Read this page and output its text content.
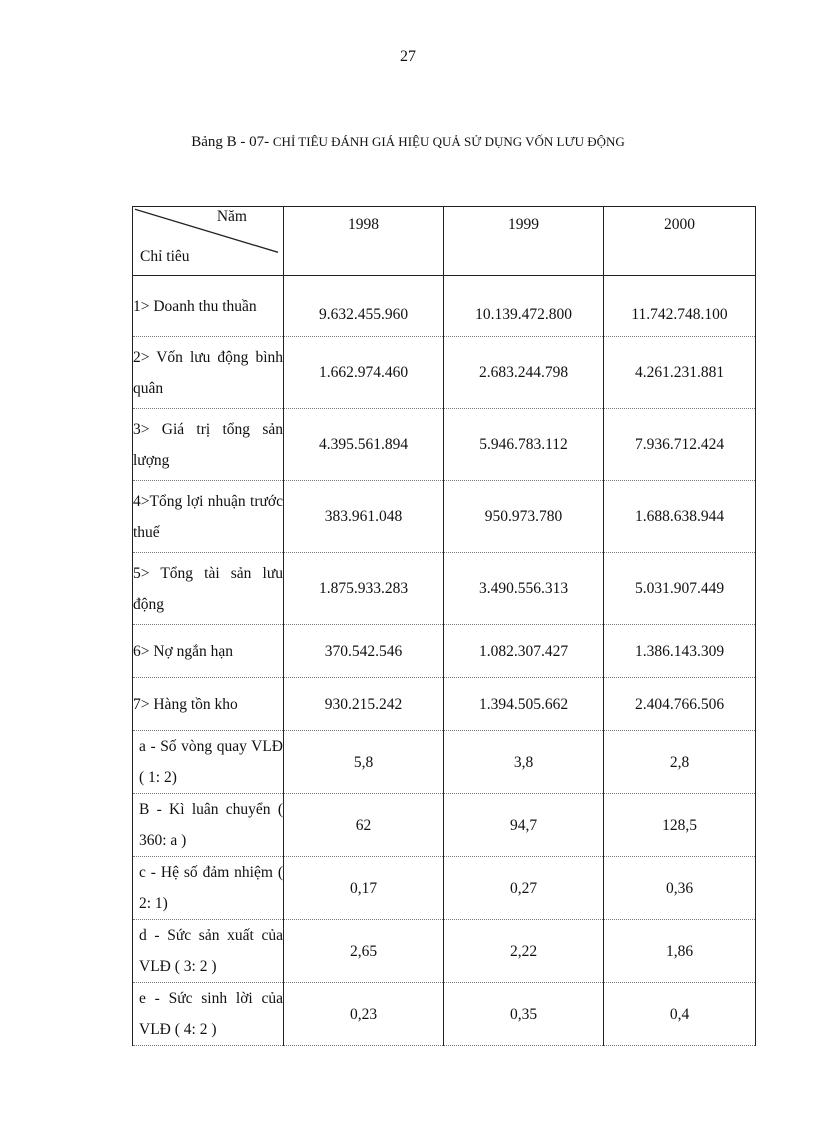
27
Bảng B - 07- CHỈ TIÊU ĐÁNH GIÁ HIỆU QUẢ SỬ DỤNG VỐN LƯU ĐỘNG
Năm
Chỉ tiêu	1998	1999	2000
1> Doanh thu thuần	9.632.455.960	10.139.472.800	11.742.748.100
2> Vốn lưu động bình quân	1.662.974.460	2.683.244.798	4.261.231.881
3> Giá trị tổng sản lượng	4.395.561.894	5.946.783.112	7.936.712.424
4>Tổng lợi nhuận trước thuế	383.961.048	950.973.780	1.688.638.944
5> Tổng tài sản lưu động	1.875.933.283	3.490.556.313	5.031.907.449
6> Nợ ngắn hạn	370.542.546	1.082.307.427	1.386.143.309
7> Hàng tồn kho	930.215.242	1.394.505.662	2.404.766.506
a - Số vòng quay VLĐ ( 1: 2)	5,8	3,8	2,8
B - Kì luân chuyển ( 360: a )	62	94,7	128,5
c - Hệ số đảm nhiệm ( 2: 1)	0,17	0,27	0,36
d - Sức sản xuất của VLĐ ( 3: 2 )	2,65	2,22	1,86
e - Sức sinh lời của VLĐ ( 4: 2 )	0,23	0,35	0,4
